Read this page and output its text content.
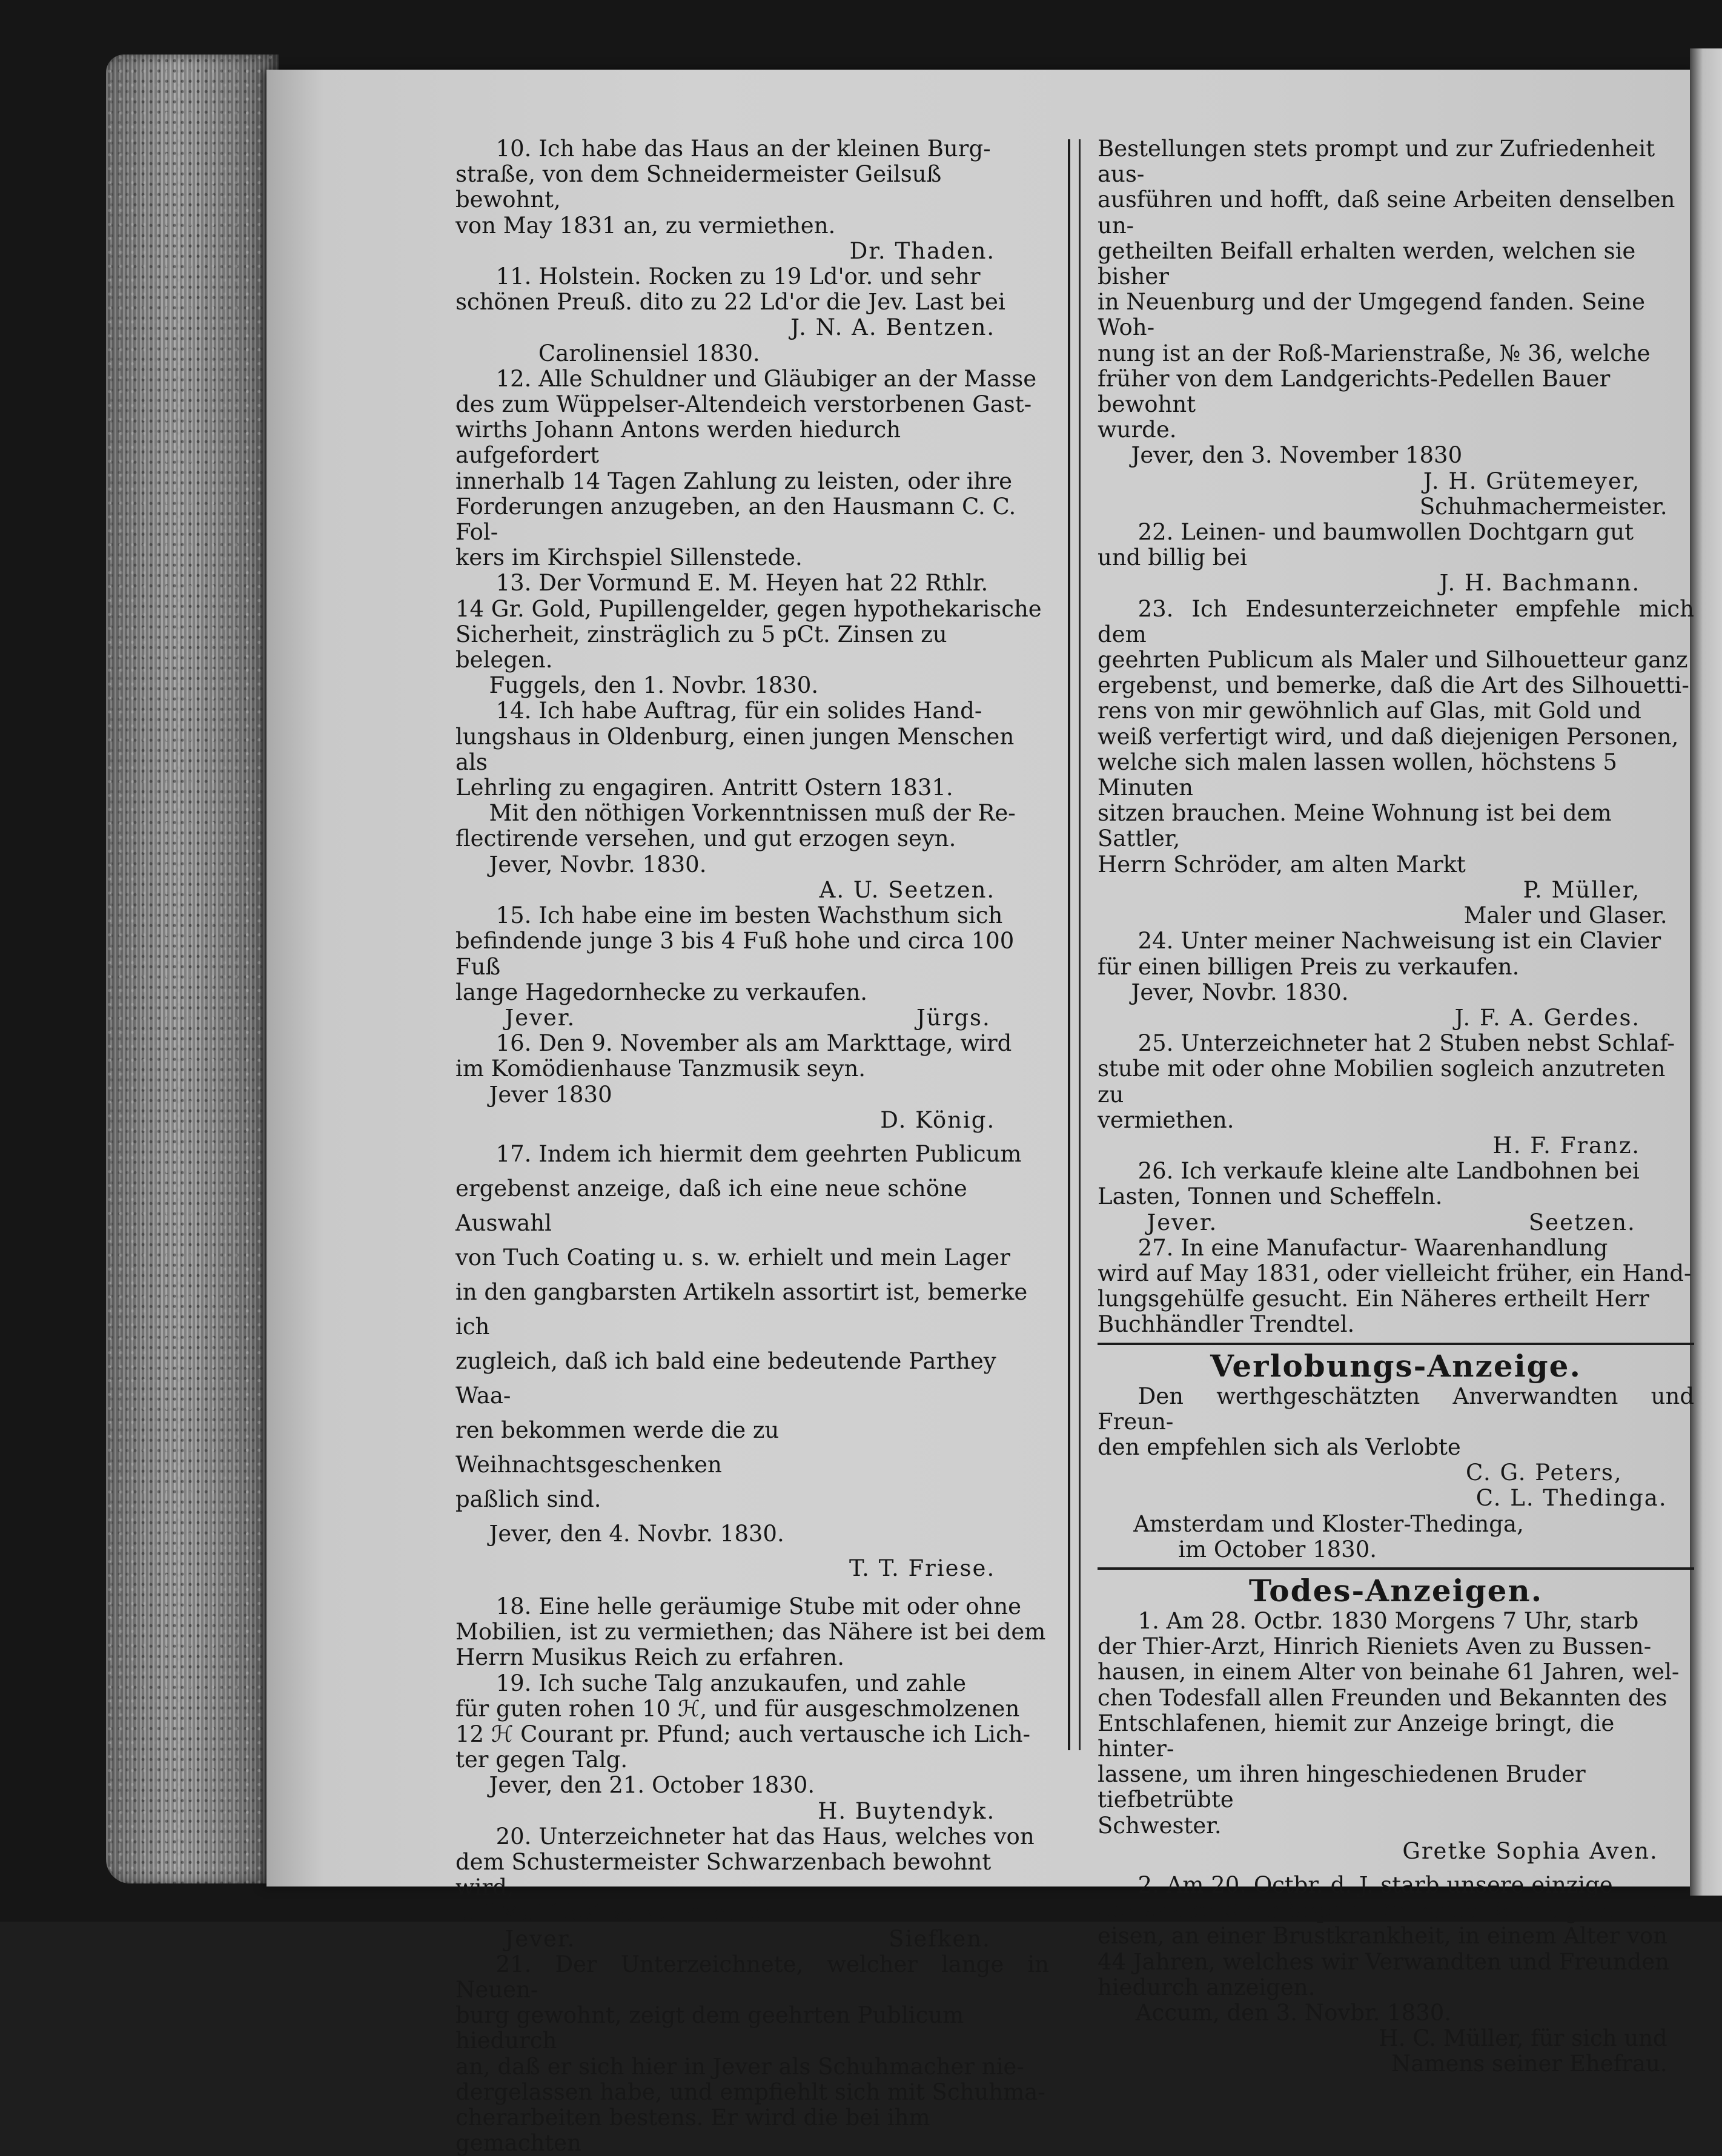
10. Ich habe das Haus an der kleinen Burg-

straße, von dem Schneidermeister Geilsuß bewohnt,
von May 1831 an, zu vermiethen.
Dr. Thaden.

11. Holstein. Rocken zu 19 Ld'or. und sehr

schönen Preuß. dito zu 22 Ld'or die Jev. Last bei
J. N. A. Bentzen.
Carolinensiel 1830.

12. Alle Schuldner und Gläubiger an der Masse

des zum Wüppelser-Altendeich verstorbenen Gast-
wirths Johann Antons werden hiedurch aufgefordert
innerhalb 14 Tagen Zahlung zu leisten, oder ihre
Forderungen anzugeben, an den Hausmann C. C. Fol-
kers im Kirchspiel Sillenstede.

13. Der Vormund E. M. Heyen hat 22 Rthlr.

14 Gr. Gold, Pupillengelder, gegen hypothekarische
Sicherheit, zinsträglich zu 5 pCt. Zinsen zu belegen.
Fuggels, den 1. Novbr. 1830.

14. Ich habe Auftrag, für ein solides Hand-

lungshaus in Oldenburg, einen jungen Menschen als
Lehrling zu engagiren. Antritt Ostern 1831.
Mit den nöthigen Vorkenntnissen muß der Re-
flectirende versehen, und gut erzogen seyn.
Jever, Novbr. 1830.
A. U. Seetzen.

15. Ich habe eine im besten Wachsthum sich

befindende junge 3 bis 4 Fuß hohe und circa 100 Fuß
lange Hagedornhecke zu verkaufen.
Jever.	Jürgs.

16. Den 9. November als am Markttage, wird

im Komödienhause Tanzmusik seyn.
Jever 1830
D. König.

17. Indem ich hiermit dem geehrten Publicum

ergebenst anzeige, daß ich eine neue schöne Auswahl
von Tuch Coating u. s. w. erhielt und mein Lager
in den gangbarsten Artikeln assortirt ist, bemerke ich
zugleich, daß ich bald eine bedeutende Parthey Waa-
ren bekommen werde die zu Weihnachtsgeschenken
paßlich sind.
Jever, den 4. Novbr. 1830.
T. T. Friese.

18. Eine helle geräumige Stube mit oder ohne

Mobilien, ist zu vermiethen; das Nähere ist bei dem
Herrn Musikus Reich zu erfahren.

19. Ich suche Talg anzukaufen, und zahle

für guten rohen 10 ℋ, und für ausgeschmolzenen
12 ℋ Courant pr. Pfund; auch vertausche ich Lich-
ter gegen Talg.
Jever, den 21. October 1830.
H. Buytendyk.

20. Unterzeichneter hat das Haus, welches von

dem Schustermeister Schwarzenbach bewohnt wird,
auf Mai 1831 zu vermiethen.
Jever.	Siefken.

21. Der Unterzeichnete, welcher lange in Neuen-

burg gewohnt, zeigt dem geehrten Publicum hiedurch
an, daß er sich hier in Jever als Schuhmacher nie-
dergelassen habe, und empfiehlt sich mit Schuhma-
cherarbeiten bestens. Er wird die bei ihm gemachten
Bestellungen stets prompt und zur Zufriedenheit aus-
ausführen und hofft, daß seine Arbeiten denselben un-
getheilten Beifall erhalten werden, welchen sie bisher
in Neuenburg und der Umgegend fanden. Seine Woh-
nung ist an der Roß-Marienstraße, № 36, welche
früher von dem Landgerichts-Pedellen Bauer bewohnt
wurde.
Jever, den 3. November 1830
J. H. Grütemeyer,
Schuhmachermeister.

22. Leinen- und baumwollen Dochtgarn gut

und billig bei
J. H. Bachmann.

23. Ich Endesunterzeichneter empfehle mich dem

geehrten Publicum als Maler und Silhouetteur ganz
ergebenst, und bemerke, daß die Art des Silhouetti-
rens von mir gewöhnlich auf Glas, mit Gold und
weiß verfertigt wird, und daß diejenigen Personen,
welche sich malen lassen wollen, höchstens 5 Minuten
sitzen brauchen. Meine Wohnung ist bei dem Sattler,
Herrn Schröder, am alten Markt
P. Müller,
Maler und Glaser.

24. Unter meiner Nachweisung ist ein Clavier

für einen billigen Preis zu verkaufen.
Jever, Novbr. 1830.
J. F. A. Gerdes.

25. Unterzeichneter hat 2 Stuben nebst Schlaf-

stube mit oder ohne Mobilien sogleich anzutreten zu
vermiethen.
H. F. Franz.

26. Ich verkaufe kleine alte Landbohnen bei

Lasten, Tonnen und Scheffeln.
Jever.	Seetzen.

27. In eine Manufactur- Waarenhandlung

wird auf May 1831, oder vielleicht früher, ein Hand-
lungsgehülfe gesucht. Ein Näheres ertheilt Herr
Buchhändler Trendtel.
Verlobungs-Anzeige.

Den werthgeschätzten Anverwandten und Freun-

den empfehlen sich als Verlobte
C. G. Peters,
C. L. Thedinga.
Amsterdam und Kloster-Thedinga,
im October 1830.
Todes-Anzeigen.

1. Am 28. Octbr. 1830 Morgens 7 Uhr, starb

der Thier-Arzt, Hinrich Rieniets Aven zu Bussen-
hausen, in einem Alter von beinahe 61 Jahren, wel-
chen Todesfall allen Freunden und Bekannten des
Entschlafenen, hiemit zur Anzeige bringt, die hinter-
lassene, um ihren hingeschiedenen Bruder tiefbetrübte
Schwester.
Gretke Sophia Aven.

2. Am 20. Octbr. d. J. starb unsere einzige

Schwester Solia Sophia Dorothea Rohlfs geb. Fin-
eisen, an einer Brustkrankheit, in einem Alter von
44 Jahren, welches wir Verwandten und Freunden
hiedurch anzeigen.
Accum, den 3. Novbr. 1830.
H. C. Müller, für sich und
Namens seiner Ehefrau.
